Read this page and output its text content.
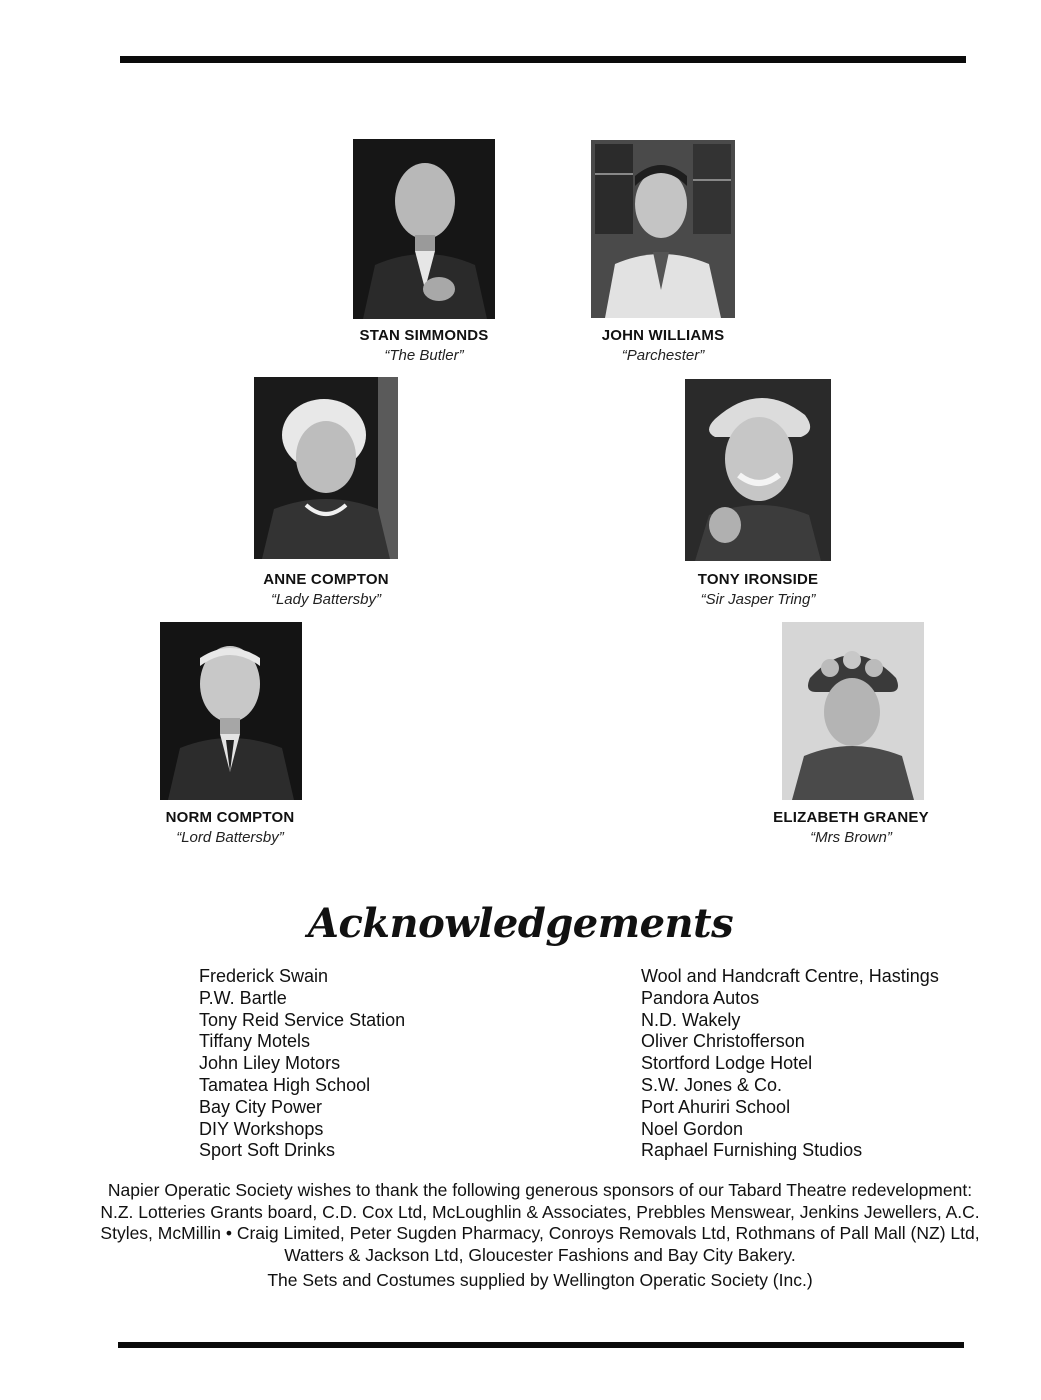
STAN SIMMONDS
“The Butler”
JOHN WILLIAMS
“Parchester”
ANNE COMPTON
“Lady Battersby”
TONY IRONSIDE
“Sir Jasper Tring”
NORM COMPTON
“Lord Battersby”
ELIZABETH GRANEY
“Mrs Brown”
Acknowledgements
Frederick Swain
P.W. Bartle
Tony Reid Service Station
Tiffany Motels
John Liley Motors
Tamatea High School
Bay City Power
DIY Workshops
Sport Soft Drinks
Wool and Handcraft Centre, Hastings
Pandora Autos
N.D. Wakely
Oliver Christofferson
Stortford Lodge Hotel
S.W. Jones & Co.
Port Ahuriri School
Noel Gordon
Raphael Furnishing Studios

Napier Operatic Society wishes to thank the following generous sponsors of our Tabard Theatre redevelopment:

N.Z. Lotteries Grants board, C.D. Cox Ltd, McLoughlin & Associates, Prebbles Menswear, Jenkins Jewellers, A.C. Styles, McMillin • Craig Limited, Peter Sugden Pharmacy, Conroys Removals Ltd, Rothmans of Pall Mall (NZ) Ltd, Watters & Jackson Ltd, Gloucester Fashions and Bay City Bakery.

The Sets and Costumes supplied by Wellington Operatic Society (Inc.)
